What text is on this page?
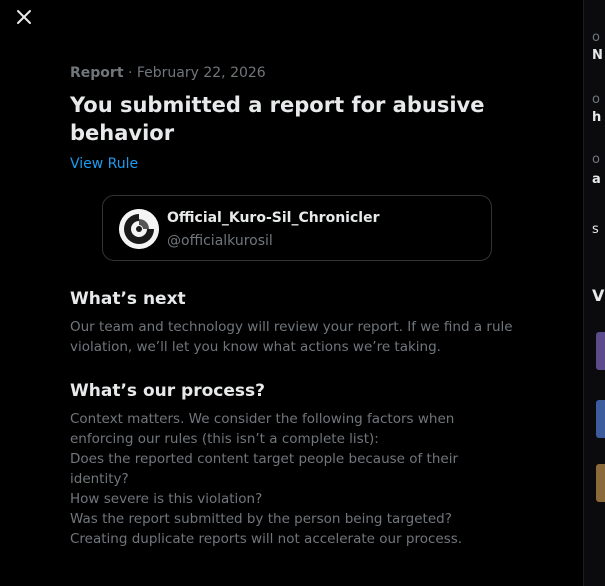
o
N
o
h
o
a
s
V
Report · February 22, 2026
You submitted a report for abusive behavior
View Rule
Official_Kuro-Sil_Chronicler
@officialkurosil
What’s next

Our team and technology will review your report. If we find a rule violation, we’ll let you know what actions we’re taking.

What’s our process?

Context matters. We consider the following factors when enforcing our rules (this isn’t a complete list):

Does the reported content target people because of their identity?

How severe is this violation?

Was the report submitted by the person being targeted?

Creating duplicate reports will not accelerate our process.
